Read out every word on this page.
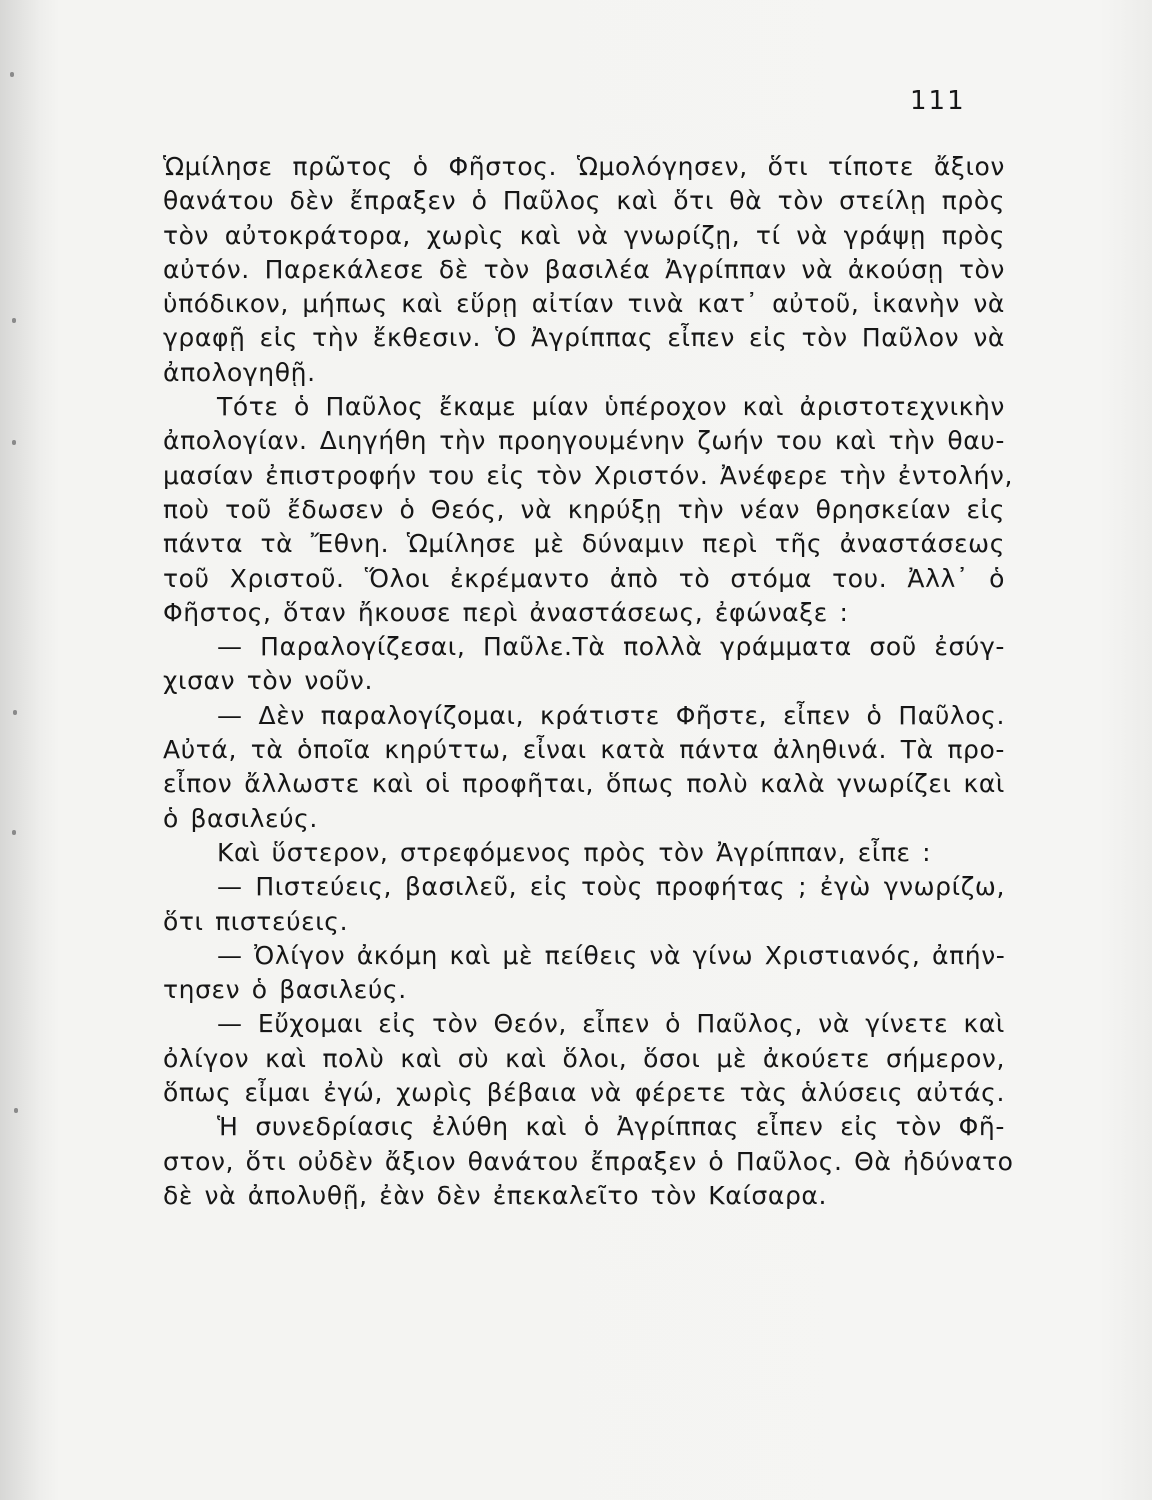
111
Ὡμίλησε πρῶτος ὁ Φῆστος. Ὡμολόγησεν, ὅτι τίποτε ἄξιον
θανάτου δὲν ἔπραξεν ὁ Παῦλος καὶ ὅτι θὰ τὸν στείλῃ πρὸς
τὸν αὐτοκράτορα, χωρὶς καὶ νὰ γνωρίζῃ, τί νὰ γράψῃ πρὸς
αὐτόν. Παρεκάλεσε δὲ τὸν βασιλέα Ἀγρίππαν νὰ ἀκούσῃ τὸν
ὑπόδικον, μήπως καὶ εὕρῃ αἰτίαν τινὰ κατ᾽ αὐτοῦ, ἱκανὴν νὰ
γραφῇ εἰς τὴν ἔκθεσιν. Ὁ Ἀγρίππας εἶπεν εἰς τὸν Παῦλον νὰ
ἀπολογηθῇ.
Τότε ὁ Παῦλος ἔκαμε μίαν ὑπέροχον καὶ ἀριστοτεχνικὴν
ἀπολογίαν. Διηγήθη τὴν προηγουμένην ζωήν του καὶ τὴν θαυ-
μασίαν ἐπιστροφήν του εἰς τὸν Χριστόν. Ἀνέφερε τὴν ἐντολήν,
ποὺ τοῦ ἔδωσεν ὁ Θεός, νὰ κηρύξῃ τὴν νέαν θρησκείαν εἰς
πάντα τὰ Ἔθνη. Ὡμίλησε μὲ δύναμιν περὶ τῆς ἀναστάσεως
τοῦ Χριστοῦ. Ὅλοι ἐκρέμαντο ἀπὸ τὸ στόμα του. Ἀλλ᾽ ὁ
Φῆστος, ὅταν ἤκουσε περὶ ἀναστάσεως, ἐφώναξε :
— Παραλογίζεσαι, Παῦλε.Τὰ πολλὰ γράμματα σοῦ ἐσύγ-
χισαν τὸν νοῦν.
— Δὲν παραλογίζομαι, κράτιστε Φῆστε, εἶπεν ὁ Παῦλος.
Αὐτά, τὰ ὁποῖα κηρύττω, εἶναι κατὰ πάντα ἀληθινά. Τὰ προ-
εἶπον ἄλλωστε καὶ οἱ προφῆται, ὅπως πολὺ καλὰ γνωρίζει καὶ
ὁ βασιλεύς.
Καὶ ὕστερον, στρεφόμενος πρὸς τὸν Ἀγρίππαν, εἶπε :
— Πιστεύεις, βασιλεῦ, εἰς τοὺς προφήτας ; ἐγὼ γνωρίζω,
ὅτι πιστεύεις.
— Ὀλίγον ἀκόμη καὶ μὲ πείθεις νὰ γίνω Χριστιανός, ἀπήν-
τησεν ὁ βασιλεύς.
— Εὔχομαι εἰς τὸν Θεόν, εἶπεν ὁ Παῦλος, νὰ γίνετε καὶ
ὀλίγον καὶ πολὺ καὶ σὺ καὶ ὅλοι, ὅσοι μὲ ἀκούετε σήμερον,
ὅπως εἶμαι ἐγώ, χωρὶς βέβαια νὰ φέρετε τὰς ἁλύσεις αὐτάς.
Ἡ συνεδρίασις ἐλύθη καὶ ὁ Ἀγρίππας εἶπεν εἰς τὸν Φῆ-
στον, ὅτι οὐδὲν ἄξιον θανάτου ἔπραξεν ὁ Παῦλος. Θὰ ἠδύνατο
δὲ νὰ ἀπολυθῇ, ἐὰν δὲν ἐπεκαλεῖτο τὸν Καίσαρα.
